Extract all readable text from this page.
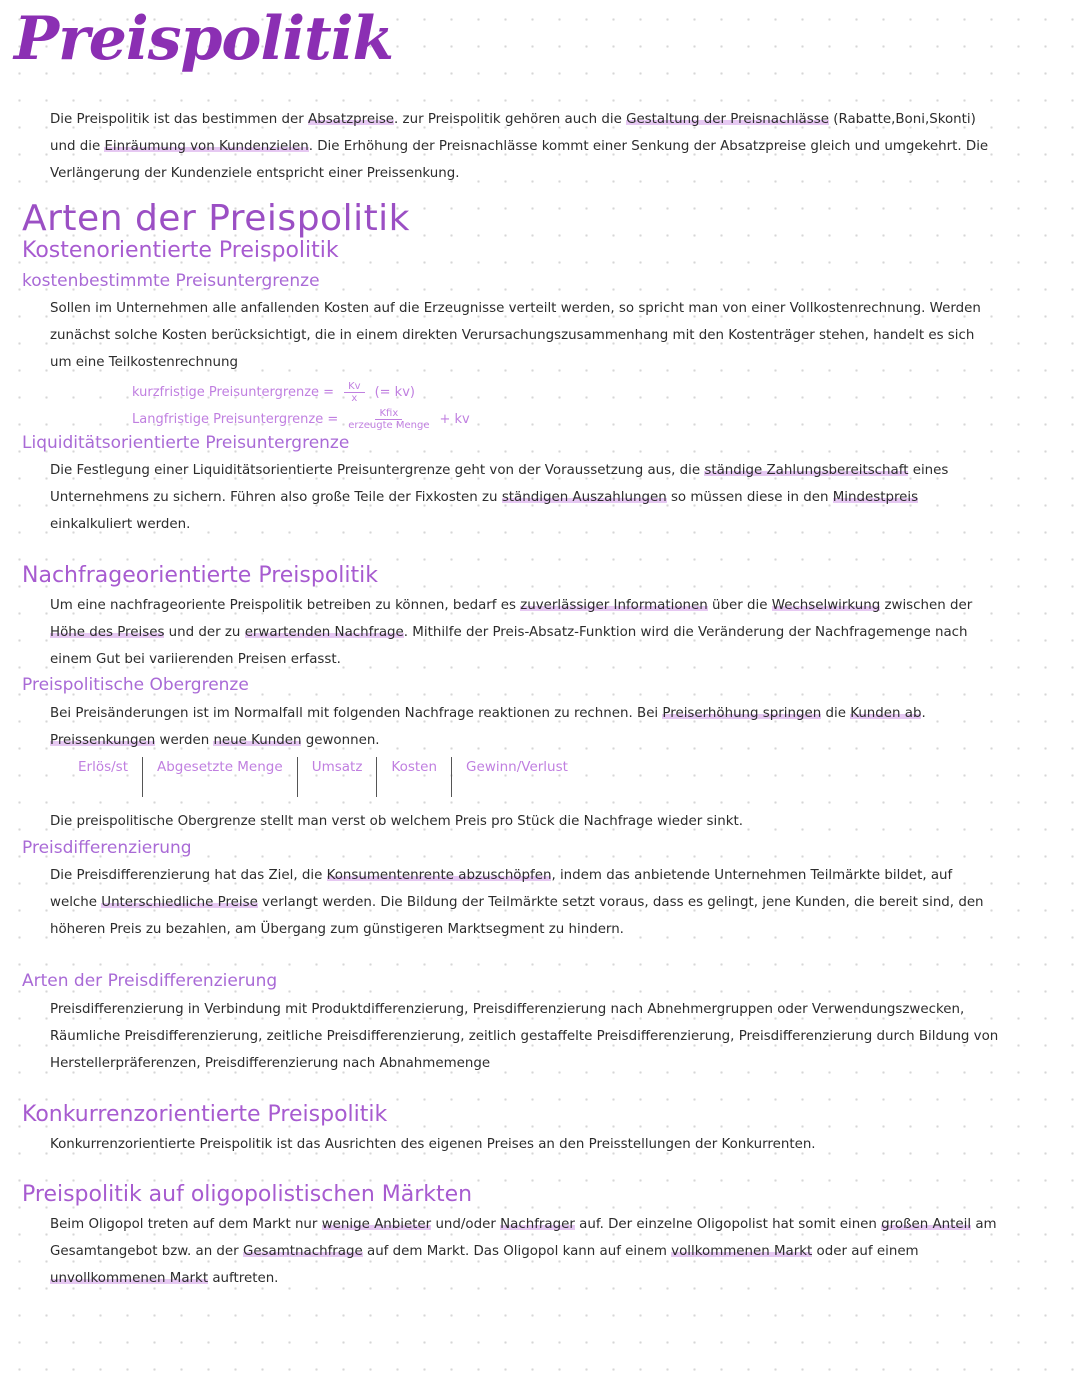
Preispolitik

Die Preispolitik ist das bestimmen der Absatzpreise. zur Preispolitik gehören auch die Gestaltung der Preisnachlässe (Rabatte,Boni,Skonti) und die Einräumung von Kundenzielen. Die Erhöhung der Preisnachlässe kommt einer Senkung der Absatzpreise gleich und umgekehrt. Die Verlängerung der Kundenziele entspricht einer Preissenkung.

Arten der Preispolitik
Kostenorientierte Preispolitik
kostenbestimmte Preisuntergrenze

Sollen im Unternehmen alle anfallenden Kosten auf die Erzeugnisse verteilt werden, so spricht man von einer Vollkostenrechnung. Werden zunächst solche Kosten berücksichtigt, die in einem direkten Verursachungszusammenhang mit den Kostenträger stehen, handelt es sich um eine Teilkostenrechnung

kurzfristige Preisuntergrenze = $\frac{Kv}{x}$ (= kv)
Langfristige Preisuntergrenze = $\frac{\text{Kfix}}{\text{erzeugte Menge}}$ + kv
Liquiditätsorientierte Preisuntergrenze

Die Festlegung einer Liquiditätsorientierte Preisuntergrenze geht von der Voraussetzung aus, die ständige Zahlungsbereitschaft eines Unternehmens zu sichern. Führen also große Teile der Fixkosten zu ständigen Auszahlungen so müssen diese in den Mindestpreis einkalkuliert werden.

Nachfrageorientierte Preispolitik

Um eine nachfrageoriente Preispolitik betreiben zu können, bedarf es zuverlässiger Informationen über die Wechselwirkung zwischen der Höhe des Preises und der zu erwartenden Nachfrage. Mithilfe der Preis-Absatz-Funktion wird die Veränderung der Nachfragemenge nach einem Gut bei variierenden Preisen erfasst.

Preispolitische Obergrenze

Bei Preisänderungen ist im Normalfall mit folgenden Nachfrage reaktionen zu rechnen. Bei Preiserhöhung springen die Kunden ab. Preissenkungen werden neue Kunden gewonnen.

Erlös/st	Abgesetzte Menge	Umsatz	Kosten	Gewinn/Verlust

Die preispolitische Obergrenze stellt man verst ob welchem Preis pro Stück die Nachfrage wieder sinkt.

Preisdifferenzierung

Die Preisdifferenzierung hat das Ziel, die Konsumentenrente abzuschöpfen, indem das anbietende Unternehmen Teilmärkte bildet, auf welche Unterschiedliche Preise verlangt werden. Die Bildung der Teilmärkte setzt voraus, dass es gelingt, jene Kunden, die bereit sind, den höheren Preis zu bezahlen, am Übergang zum günstigeren Marktsegment zu hindern.

Arten der Preisdifferenzierung

Preisdifferenzierung in Verbindung mit Produktdifferenzierung, Preisdifferenzierung nach Abnehmergruppen oder Verwendungszwecken, Räumliche Preisdifferenzierung, zeitliche Preisdifferenzierung, zeitlich gestaffelte Preisdifferenzierung, Preisdifferenzierung durch Bildung von Herstellerpräferenzen, Preisdifferenzierung nach Abnahmemenge

Konkurrenzorientierte Preispolitik

Konkurrenzorientierte Preispolitik ist das Ausrichten des eigenen Preises an den Preisstellungen der Konkurrenten.

Preispolitik auf oligopolistischen Märkten

Beim Oligopol treten auf dem Markt nur wenige Anbieter und/oder Nachfrager auf. Der einzelne Oligopolist hat somit einen großen Anteil am Gesamtangebot bzw. an der Gesamtnachfrage auf dem Markt. Das Oligopol kann auf einem vollkommenen Markt oder auf einem unvollkommenen Markt auftreten.
